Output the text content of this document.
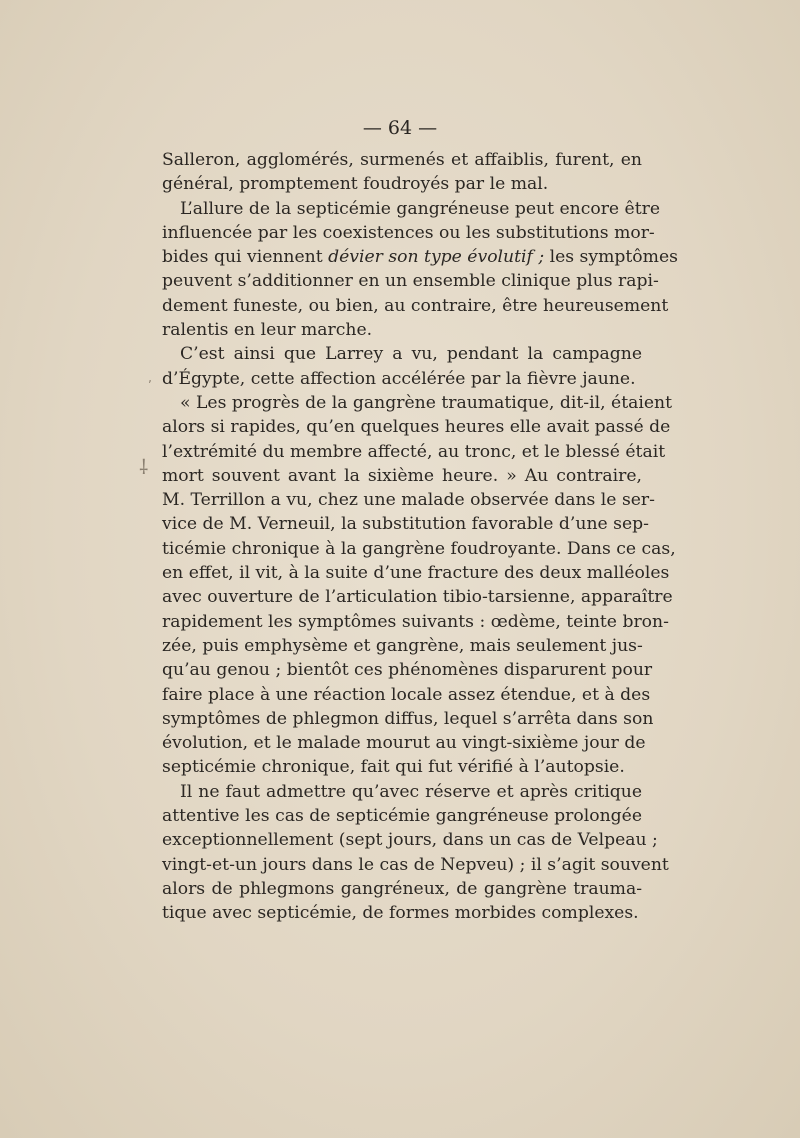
— 64 —
⸸
ʼ
Salleron, agglomérés, surmenés et affaiblis, furent, en
général, promptement foudroyés par le mal.
L’allure de la septicémie gangréneuse peut encore être
influencée par les coexistences ou les substitutions mor-
bides qui viennent dévier son type évolutif ; les symptômes
peuvent s’additionner en un ensemble clinique plus rapi-
dement funeste, ou bien, au contraire, être heureusement
ralentis en leur marche.
C’est ainsi que Larrey a vu, pendant la campagne
d’Égypte, cette affection accélérée par la fièvre jaune.
« Les progrès de la gangrène traumatique, dit-il, étaient
alors si rapides, qu’en quelques heures elle avait passé de
l’extrémité du membre affecté, au tronc, et le blessé était
mort souvent avant la sixième heure. » Au contraire,
M. Terrillon a vu, chez une malade observée dans le ser-
vice de M. Verneuil, la substitution favorable d’une sep-
ticémie chronique à la gangrène foudroyante. Dans ce cas,
en effet, il vit, à la suite d’une fracture des deux malléoles
avec ouverture de l’articulation tibio-tarsienne, apparaître
rapidement les symptômes suivants : œdème, teinte bron-
zée, puis emphysème et gangrène, mais seulement jus-
qu’au genou ; bientôt ces phénomènes disparurent pour
faire place à une réaction locale assez étendue, et à des
symptômes de phlegmon diffus, lequel s’arrêta dans son
évolution, et le malade mourut au vingt-sixième jour de
septicémie chronique, fait qui fut vérifié à l’autopsie.
Il ne faut admettre qu’avec réserve et après critique
attentive les cas de septicémie gangréneuse prolongée
exceptionnellement (sept jours, dans un cas de Velpeau ;
vingt-et-un jours dans le cas de Nepveu) ; il s’agit souvent
alors de phlegmons gangréneux, de gangrène trauma-
tique avec septicémie, de formes morbides complexes.
